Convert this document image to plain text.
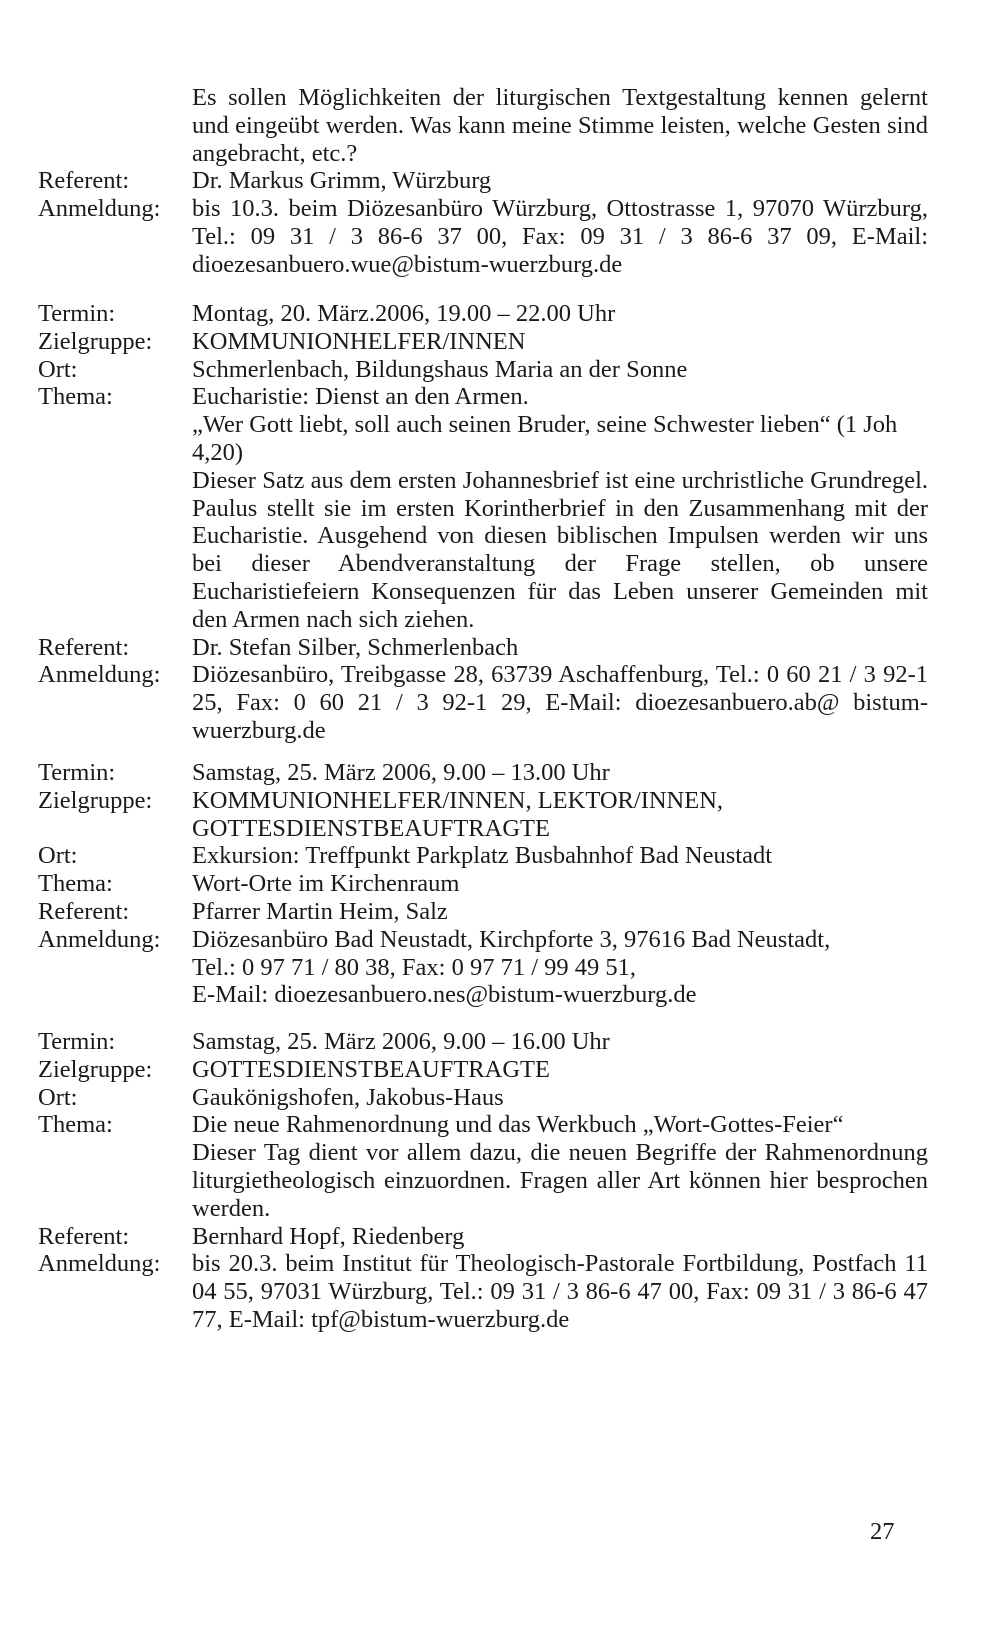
Es sollen Möglichkeiten der liturgischen Textgestaltung kennen gelernt und eingeübt werden. Was kann meine Stimme leisten, welche Gesten sind angebracht, etc.?
Referent:	Dr. Markus Grimm, Würzburg
Anmeldung:	bis 10.3. beim Diözesanbüro Würzburg, Ottostrasse 1, 97070 Würzburg, Tel.: 09 31 / 3 86-6 37 00, Fax: 09 31 / 3 86-6 37 09, E-Mail: dioezesanbuero.wue@bistum-wuerzburg.de
Termin:	Montag, 20. März.2006, 19.00 – 22.00 Uhr
Zielgruppe:	KOMMUNIONHELFER/INNEN
Ort:	Schmerlenbach, Bildungshaus Maria an der Sonne
Thema:	Eucharistie: Dienst an den Armen.

„Wer Gott liebt, soll auch seinen Bruder, seine Schwester lieben“ (1 Joh 4,20)

Dieser Satz aus dem ersten Johannesbrief ist eine urchristliche Grundregel. Paulus stellt sie im ersten Korintherbrief in den Zusammenhang mit der Eucharistie. Ausgehend von diesen biblischen Impulsen werden wir uns bei dieser Abendveranstaltung der Frage stellen, ob unsere Eucharistiefeiern Konsequenzen für das Leben unserer Gemeinden mit den Armen nach sich ziehen.

Referent:	Dr. Stefan Silber, Schmerlenbach
Anmeldung:	Diözesanbüro, Treibgasse 28, 63739 Aschaffenburg, Tel.: 0 60 21 / 3 92-1 25, Fax: 0 60 21 / 3 92-1 29, E-Mail: dioezesanbuero.ab@ bistum-wuerzburg.de
Termin:	Samstag, 25. März 2006, 9.00 – 13.00 Uhr
Zielgruppe:	KOMMUNIONHELFER/INNEN, LEKTOR/INNEN, GOTTESDIENSTBEAUFTRAGTE
Ort:	Exkursion: Treffpunkt Parkplatz Busbahnhof Bad Neustadt
Thema:	Wort-Orte im Kirchenraum
Referent:	Pfarrer Martin Heim, Salz
Anmeldung:	Diözesanbüro Bad Neustadt, Kirchpforte 3, 97616 Bad Neustadt,

Tel.: 0 97 71 / 80 38, Fax: 0 97 71 / 99 49 51,

E-Mail: dioezesanbuero.nes@bistum-wuerzburg.de

Termin:	Samstag, 25. März 2006, 9.00 – 16.00 Uhr
Zielgruppe:	GOTTESDIENSTBEAUFTRAGTE
Ort:	Gaukönigshofen, Jakobus-Haus
Thema:	Die neue Rahmenordnung und das Werkbuch „Wort-Gottes-Feier“

Dieser Tag dient vor allem dazu, die neuen Begriffe der Rahmenordnung liturgietheologisch einzuordnen. Fragen aller Art können hier besprochen werden.

Referent:	Bernhard Hopf, Riedenberg
Anmeldung:	bis 20.3. beim Institut für Theologisch-Pastorale Fortbildung, Postfach 11 04 55, 97031 Würzburg, Tel.: 09 31 / 3 86-6 47 00, Fax: 09 31 / 3 86-6 47 77, E-Mail: tpf@bistum-wuerzburg.de
27
